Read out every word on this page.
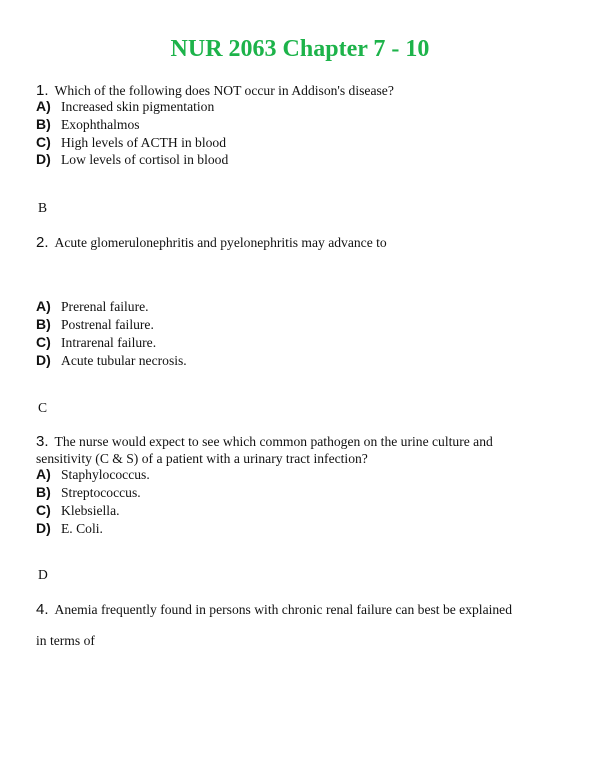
NUR 2063 Chapter 7 - 10
1. Which of the following does NOT occur in Addison's disease?
A) Increased skin pigmentation
B) Exophthalmos
C) High levels of ACTH in blood
D) Low levels of cortisol in blood
B
2. Acute glomerulonephritis and pyelonephritis may advance to
A) Prerenal failure.
B) Postrenal failure.
C) Intrarenal failure.
D) Acute tubular necrosis.
C
3. The nurse would expect to see which common pathogen on the urine culture and
sensitivity (C & S) of a patient with a urinary tract infection?
A) Staphylococcus.
B) Streptococcus.
C) Klebsiella.
D) E. Coli.
D
4. Anemia frequently found in persons with chronic renal failure can best be explained
in terms of
